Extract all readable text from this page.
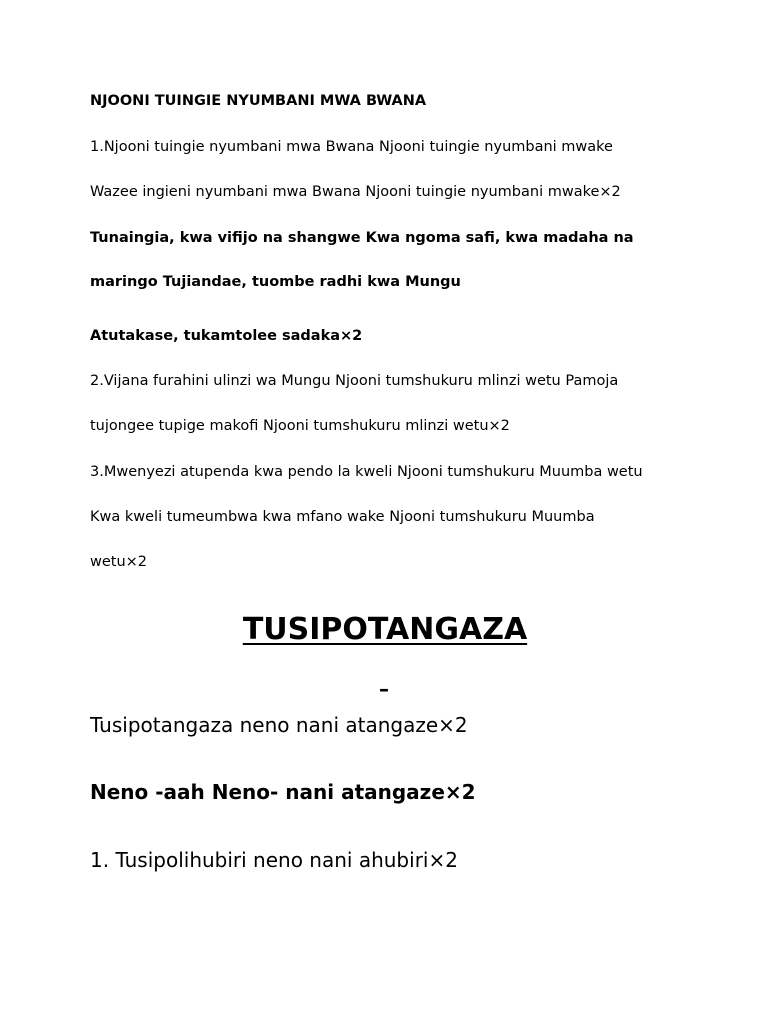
NJOONI TUINGIE NYUMBANI MWA BWANA
1.Njooni tuingie nyumbani mwa Bwana Njooni tuingie nyumbani mwake
Wazee ingieni nyumbani mwa Bwana Njooni tuingie nyumbani mwake×2
Tunaingia, kwa vifijo na shangwe Kwa ngoma safi, kwa madaha na
maringo Tujiandae, tuombe radhi kwa Mungu
Atutakase, tukamtolee sadaka×2
2.Vijana furahini ulinzi wa Mungu Njooni tumshukuru mlinzi wetu Pamoja
tujongee tupige makofi Njooni tumshukuru mlinzi wetu×2
3.Mwenyezi atupenda kwa pendo la kweli Njooni tumshukuru Muumba wetu
Kwa kweli tumeumbwa kwa mfano wake Njooni tumshukuru Muumba
wetu×2
TUSIPOTANGAZA
–
Tusipotangaza neno nani atangaze×2
Neno -aah Neno- nani atangaze×2
1. Tusipolihubiri neno nani ahubiri×2
